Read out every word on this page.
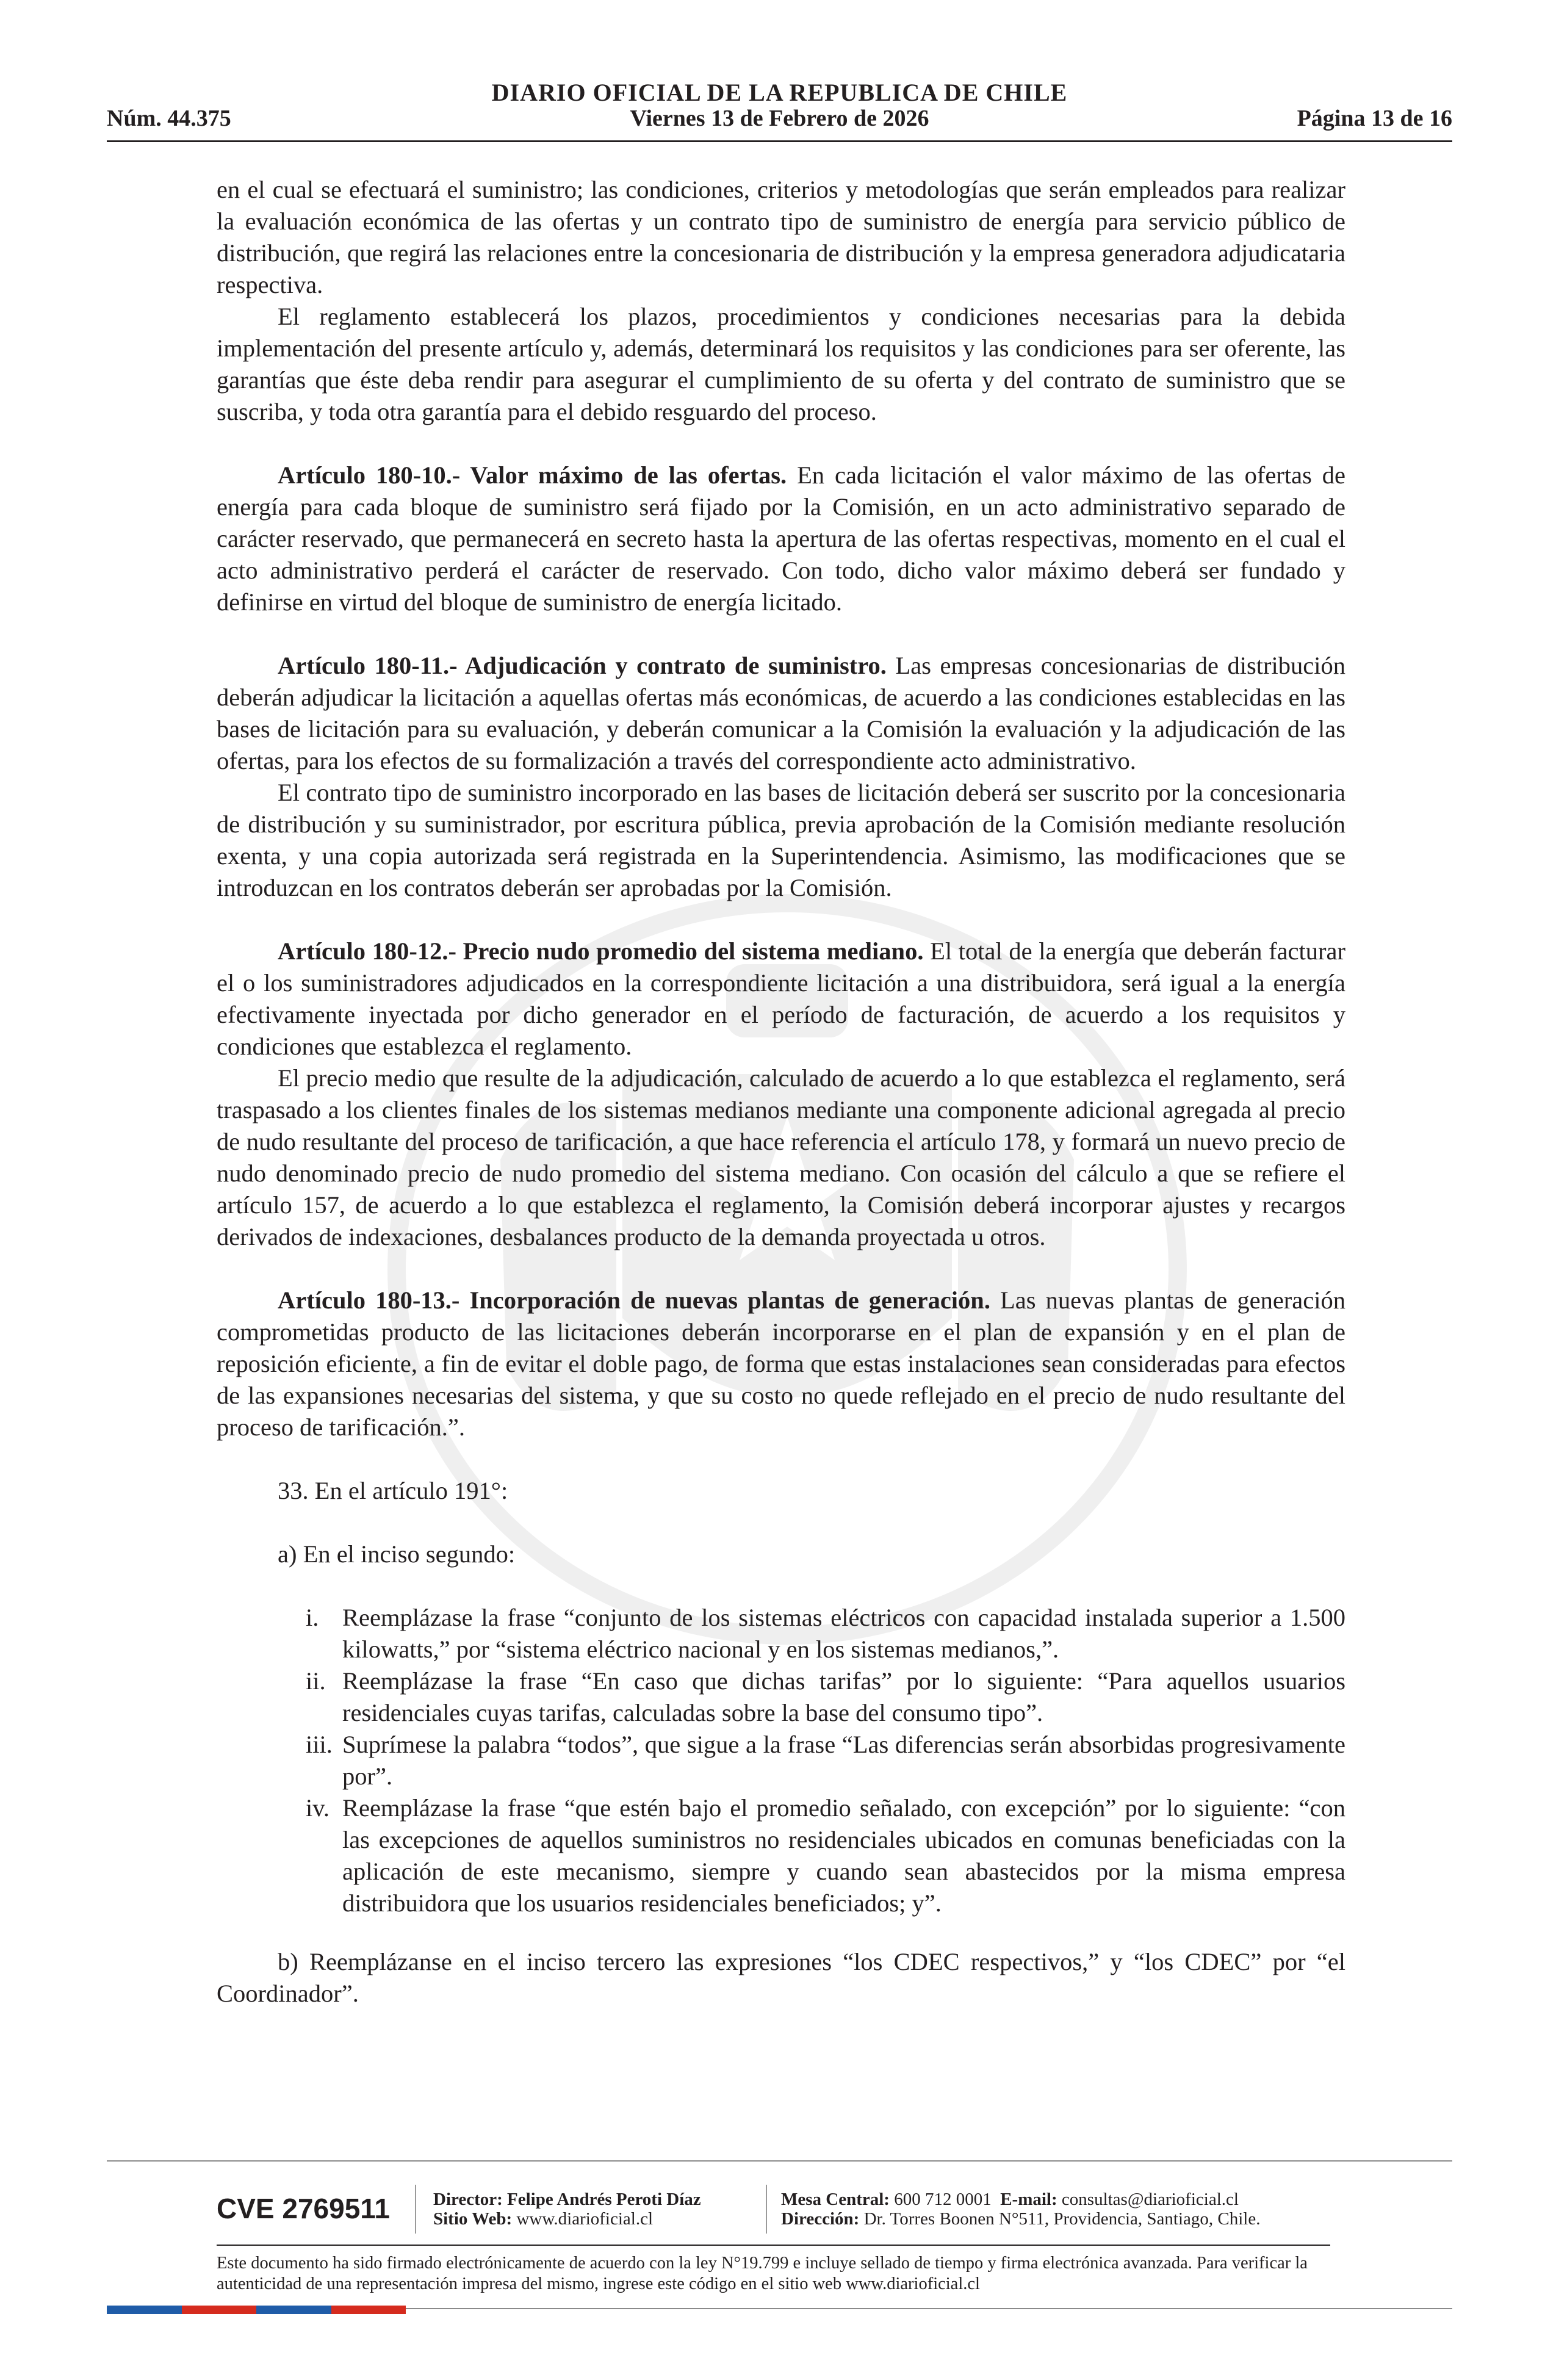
DIARIO OFICIAL DE LA REPUBLICA DE CHILE
Núm. 44.375	Viernes 13 de Febrero de 2026	Página 13 de 16

en el cual se efectuará el suministro; las condiciones, criterios y metodologías que serán empleados para realizar la evaluación económica de las ofertas y un contrato tipo de suministro de energía para servicio público de distribución, que regirá las relaciones entre la concesionaria de distribución y la empresa generadora adjudicataria respectiva.

El reglamento establecerá los plazos, procedimientos y condiciones necesarias para la debida implementación del presente artículo y, además, determinará los requisitos y las condiciones para ser oferente, las garantías que éste deba rendir para asegurar el cumplimiento de su oferta y del contrato de suministro que se suscriba, y toda otra garantía para el debido resguardo del proceso.

Artículo 180-10.- Valor máximo de las ofertas. En cada licitación el valor máximo de las ofertas de energía para cada bloque de suministro será fijado por la Comisión, en un acto administrativo separado de carácter reservado, que permanecerá en secreto hasta la apertura de las ofertas respectivas, momento en el cual el acto administrativo perderá el carácter de reservado. Con todo, dicho valor máximo deberá ser fundado y definirse en virtud del bloque de suministro de energía licitado.

Artículo 180-11.- Adjudicación y contrato de suministro. Las empresas concesionarias de distribución deberán adjudicar la licitación a aquellas ofertas más económicas, de acuerdo a las condiciones establecidas en las bases de licitación para su evaluación, y deberán comunicar a la Comisión la evaluación y la adjudicación de las ofertas, para los efectos de su formalización a través del correspondiente acto administrativo.

El contrato tipo de suministro incorporado en las bases de licitación deberá ser suscrito por la concesionaria de distribución y su suministrador, por escritura pública, previa aprobación de la Comisión mediante resolución exenta, y una copia autorizada será registrada en la Superintendencia. Asimismo, las modificaciones que se introduzcan en los contratos deberán ser aprobadas por la Comisión.

Artículo 180-12.- Precio nudo promedio del sistema mediano. El total de la energía que deberán facturar el o los suministradores adjudicados en la correspondiente licitación a una distribuidora, será igual a la energía efectivamente inyectada por dicho generador en el período de facturación, de acuerdo a los requisitos y condiciones que establezca el reglamento.

El precio medio que resulte de la adjudicación, calculado de acuerdo a lo que establezca el reglamento, será traspasado a los clientes finales de los sistemas medianos mediante una componente adicional agregada al precio de nudo resultante del proceso de tarificación, a que hace referencia el artículo 178, y formará un nuevo precio de nudo denominado precio de nudo promedio del sistema mediano. Con ocasión del cálculo a que se refiere el artículo 157, de acuerdo a lo que establezca el reglamento, la Comisión deberá incorporar ajustes y recargos derivados de indexaciones, desbalances producto de la demanda proyectada u otros.

Artículo 180-13.- Incorporación de nuevas plantas de generación. Las nuevas plantas de generación comprometidas producto de las licitaciones deberán incorporarse en el plan de expansión y en el plan de reposición eficiente, a fin de evitar el doble pago, de forma que estas instalaciones sean consideradas para efectos de las expansiones necesarias del sistema, y que su costo no quede reflejado en el precio de nudo resultante del proceso de tarificación.”.

33. En el artículo 191°:

a) En el inciso segundo:

i. Reemplázase la frase “conjunto de los sistemas eléctricos con capacidad instalada superior a 1.500 kilowatts,” por “sistema eléctrico nacional y en los sistemas medianos,”.
ii. Reemplázase la frase “En caso que dichas tarifas” por lo siguiente: “Para aquellos usuarios residenciales cuyas tarifas, calculadas sobre la base del consumo tipo”.
iii. Suprímese la palabra “todos”, que sigue a la frase “Las diferencias serán absorbidas progresivamente por”.
iv. Reemplázase la frase “que estén bajo el promedio señalado, con excepción” por lo siguiente: “con las excepciones de aquellos suministros no residenciales ubicados en comunas beneficiadas con la aplicación de este mecanismo, siempre y cuando sean abastecidos por la misma empresa distribuidora que los usuarios residenciales beneficiados; y”.

b) Reemplázanse en el inciso tercero las expresiones “los CDEC respectivos,” y “los CDEC” por “el Coordinador”.

CVE 2769511 Director: Felipe Andrés Peroti Díaz
Sitio Web: www.diarioficial.cl
Mesa Central: 600 712 0001 E-mail: consultas@diarioficial.cl
Dirección: Dr. Torres Boonen N°511, Providencia, Santiago, Chile.
Este documento ha sido firmado electrónicamente de acuerdo con la ley N°19.799 e incluye sellado de tiempo y firma electrónica avanzada. Para verificar la autenticidad de una representación impresa del mismo, ingrese este código en el sitio web www.diarioficial.cl
